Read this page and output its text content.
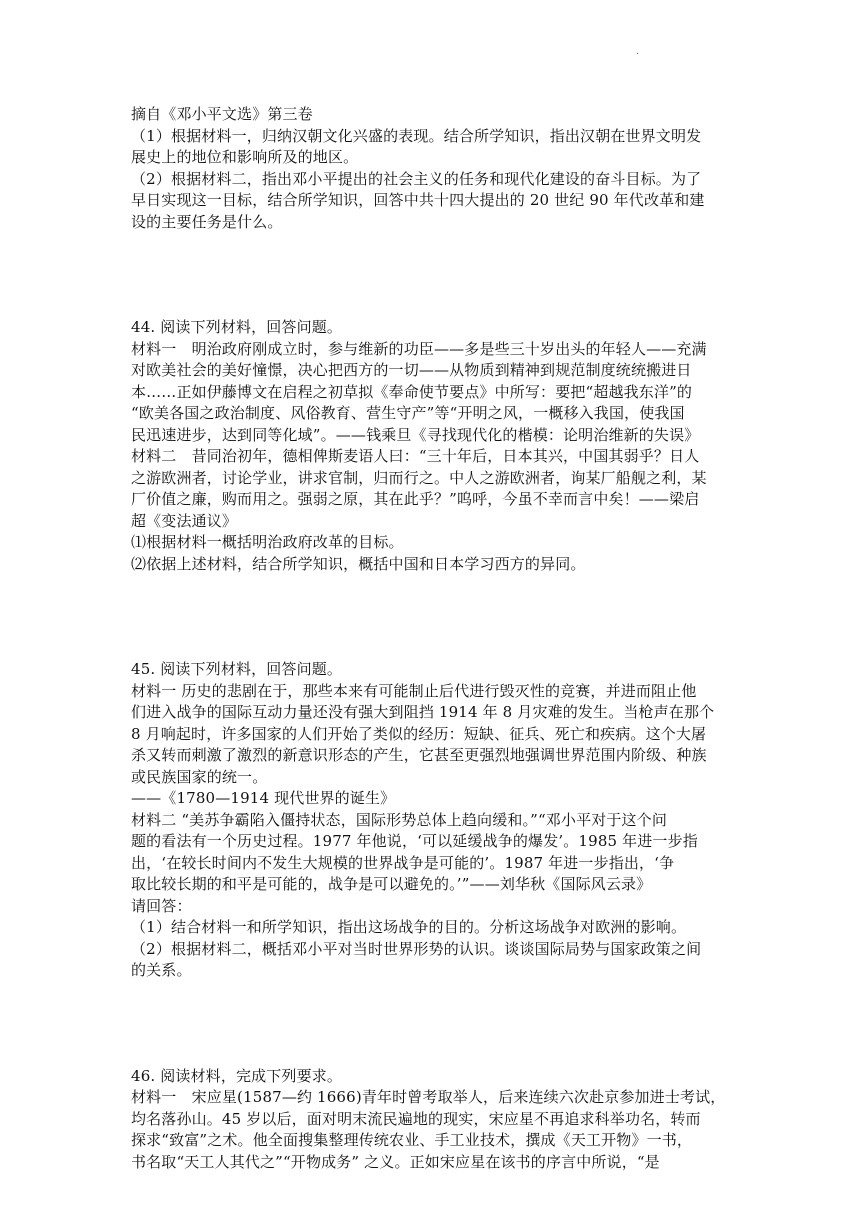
.
摘自《邓小平文选》第三卷
（1）根据材料一，归纳汉朝文化兴盛的表现。结合所学知识，指出汉朝在世界文明发
展史上的地位和影响所及的地区。
（2）根据材料二，指出邓小平提出的社会主义的任务和现代化建设的奋斗目标。为了
早日实现这一目标，结合所学知识，回答中共十四大提出的 20 世纪 90 年代改革和建
设的主要任务是什么。
44. 阅读下列材料，回答问题。
材料一　明治政府刚成立时，参与维新的功臣——多是些三十岁出头的年轻人——充满
对欧美社会的美好憧憬，决心把西方的一切——从物质到精神到规范制度统统搬进日
本……正如伊藤博文在启程之初草拟《奉命使节要点》中所写：要把“超越我东洋”的
“欧美各国之政治制度、风俗教育、营生守产”等“开明之风，一概移入我国，使我国
民迅速进步，达到同等化域”。——钱乘旦《寻找现代化的楷模：论明治维新的失误》
材料二　昔同治初年，德相俾斯麦语人曰：“三十年后，日本其兴，中国其弱乎？日人
之游欧洲者，讨论学业，讲求官制，归而行之。中人之游欧洲者，询某厂船舰之利，某
厂价值之廉，购而用之。强弱之原，其在此乎？”呜呼，今虽不幸而言中矣！——梁启
超《变法通议》
⑴根据材料一概括明治政府改革的目标。
⑵依据上述材料，结合所学知识，概括中国和日本学习西方的异同。
45. 阅读下列材料，回答问题。
材料一 历史的悲剧在于，那些本来有可能制止后代进行毁灭性的竞赛，并进而阻止他
们进入战争的国际互动力量还没有强大到阻挡 1914 年 8 月灾难的发生。当枪声在那个
8 月响起时，许多国家的人们开始了类似的经历：短缺、征兵、死亡和疾病。这个大屠
杀又转而刺激了激烈的新意识形态的产生，它甚至更强烈地强调世界范围内阶级、种族
或民族国家的统一。
——《1780—1914 现代世界的诞生》
材料二 “美苏争霸陷入僵持状态，国际形势总体上趋向缓和。”“邓小平对于这个问
题的看法有一个历史过程。1977 年他说，‘可以延缓战争的爆发’。1985 年进一步指
出，‘在较长时间内不发生大规模的世界战争是可能的’。1987 年进一步指出，‘争
取比较长期的和平是可能的，战争是可以避免的。’”——刘华秋《国际风云录》
请回答：
（1）结合材料一和所学知识，指出这场战争的目的。分析这场战争对欧洲的影响。
（2）根据材料二，概括邓小平对当时世界形势的认识。谈谈国际局势与国家政策之间
的关系。
46. 阅读材料，完成下列要求。
材料一　宋应星(1587—约 1666)青年时曾考取举人，后来连续六次赴京参加进士考试，
均名落孙山。45 岁以后，面对明末流民遍地的现实，宋应星不再追求科举功名，转而
探求“致富”之术。他全面搜集整理传统农业、手工业技术，撰成《天工开物》一书，
书名取“天工人其代之”“开物成务” 之义。正如宋应星在该书的序言中所说，“是
